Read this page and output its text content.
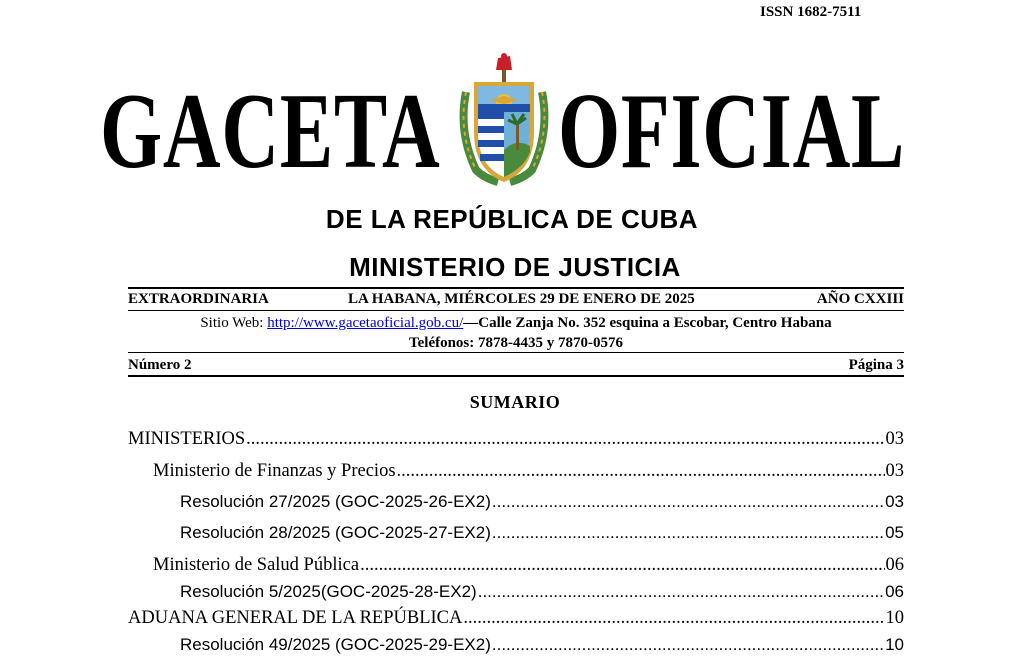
ISSN 1682-7511
GACETA OFICIAL
DE LA REPÚBLICA DE CUBA
MINISTERIO DE JUSTICIA
EXTRAORDINARIA	LA HABANA, MIÉRCOLES 29 DE ENERO DE 2025	AÑO CXXIII
Sitio Web: http://www.gacetaoficial.gob.cu/—Calle Zanja No. 352 esquina a Escobar, Centro Habana
Teléfonos: 7878-4435 y 7870-0576
Número 2	Página 3
SUMARIO
MINISTERIOS .....	03
Ministerio de Finanzas y Precios .....	03
Resolución 27/2025 (GOC-2025-26-EX2) .....	03
Resolución 28/2025 (GOC-2025-27-EX2) .....	05
Ministerio de Salud Pública .....	06
Resolución 5/2025(GOC-2025-28-EX2) .....	06
ADUANA GENERAL DE LA REPÚBLICA .....	10
Resolución 49/2025 (GOC-2025-29-EX2) .....	10
